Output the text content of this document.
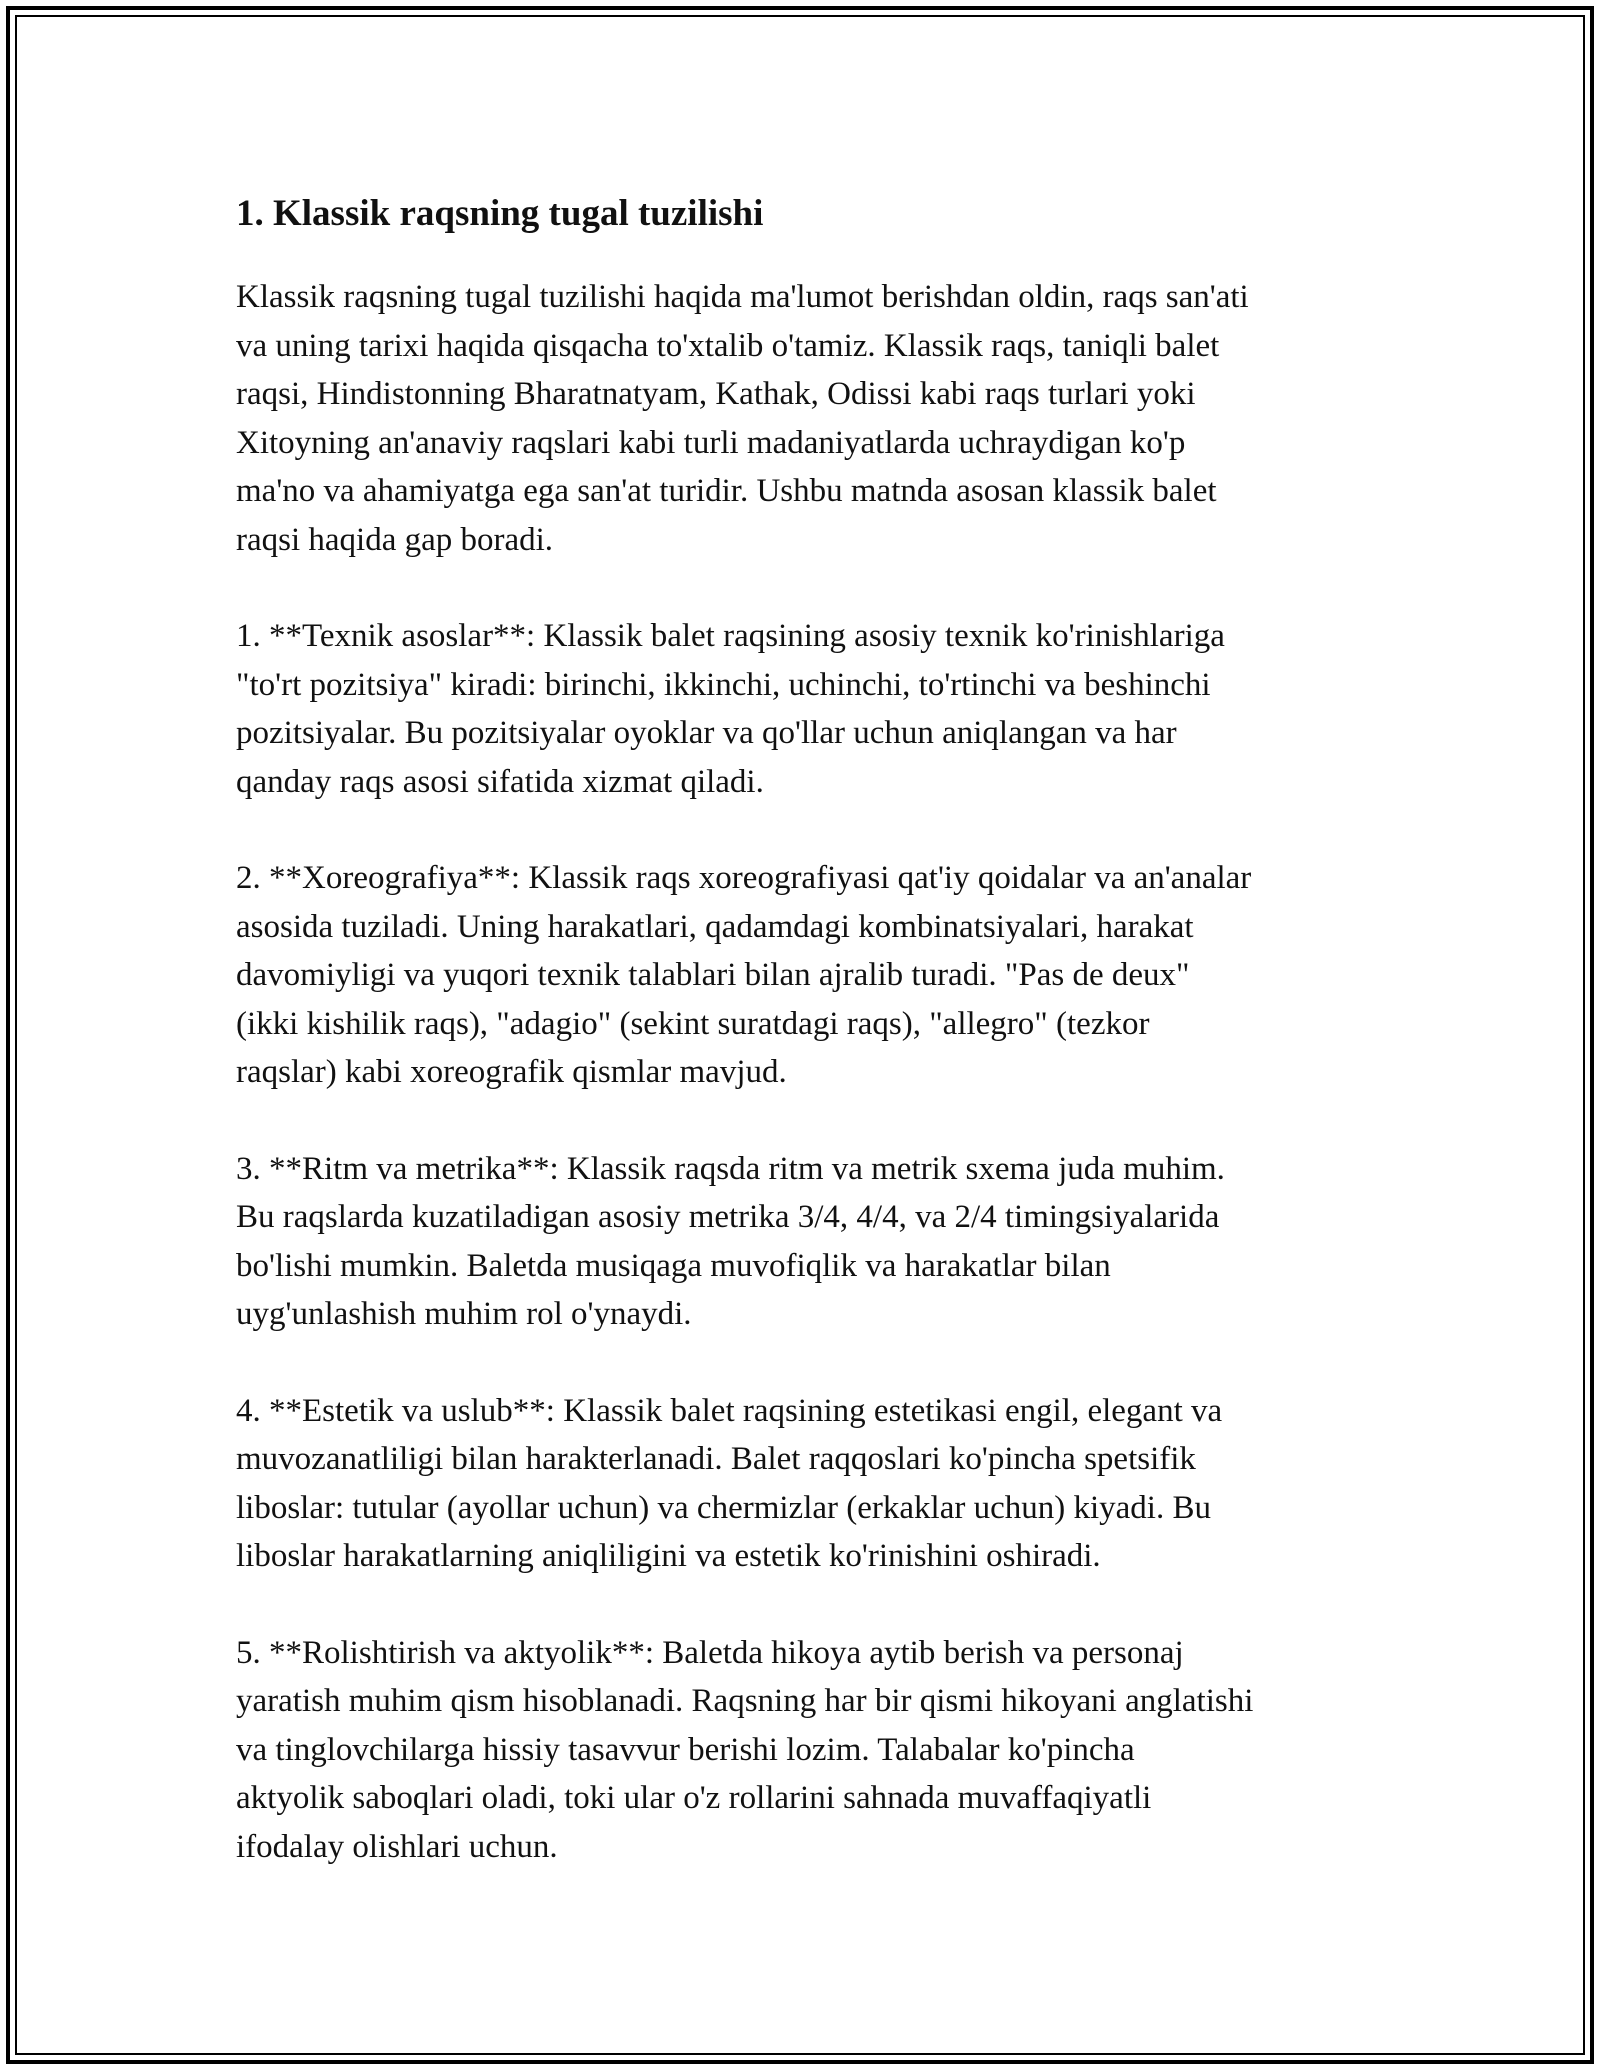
1. Klassik raqsning tugal tuzilishi
Klassik raqsning tugal tuzilishi haqida ma'lumot berishdan oldin, raqs san'ati
va uning tarixi haqida qisqacha to'xtalib o'tamiz. Klassik raqs, taniqli balet
raqsi, Hindistonning Bharatnatyam, Kathak, Odissi kabi raqs turlari yoki
Xitoyning an'anaviy raqslari kabi turli madaniyatlarda uchraydigan ko'p
ma'no va ahamiyatga ega san'at turidir. Ushbu matnda asosan klassik balet
raqsi haqida gap boradi.
1. **Texnik asoslar**: Klassik balet raqsining asosiy texnik ko'rinishlariga
"to'rt pozitsiya" kiradi: birinchi, ikkinchi, uchinchi, to'rtinchi va beshinchi
pozitsiyalar. Bu pozitsiyalar oyoklar va qo'llar uchun aniqlangan va har
qanday raqs asosi sifatida xizmat qiladi.
2. **Xoreografiya**: Klassik raqs xoreografiyasi qat'iy qoidalar va an'analar
asosida tuziladi. Uning harakatlari, qadamdagi kombinatsiyalari, harakat
davomiyligi va yuqori texnik talablari bilan ajralib turadi. "Pas de deux"
(ikki kishilik raqs), "adagio" (sekint suratdagi raqs), "allegro" (tezkor
raqslar) kabi xoreografik qismlar mavjud.
3. **Ritm va metrika**: Klassik raqsda ritm va metrik sxema juda muhim.
Bu raqslarda kuzatiladigan asosiy metrika 3/4, 4/4, va 2/4 timingsiyalarida
bo'lishi mumkin. Baletda musiqaga muvofiqlik va harakatlar bilan
uyg'unlashish muhim rol o'ynaydi.
4. **Estetik va uslub**: Klassik balet raqsining estetikasi engil, elegant va
muvozanatliligi bilan harakterlanadi. Balet raqqoslari ko'pincha spetsifik
liboslar: tutular (ayollar uchun) va chermizlar (erkaklar uchun) kiyadi. Bu
liboslar harakatlarning aniqliligini va estetik ko'rinishini oshiradi.
5. **Rolishtirish va aktyolik**: Baletda hikoya aytib berish va personaj
yaratish muhim qism hisoblanadi. Raqsning har bir qismi hikoyani anglatishi
va tinglovchilarga hissiy tasavvur berishi lozim. Talabalar ko'pincha
aktyolik saboqlari oladi, toki ular o'z rollarini sahnada muvaffaqiyatli
ifodalay olishlari uchun.
